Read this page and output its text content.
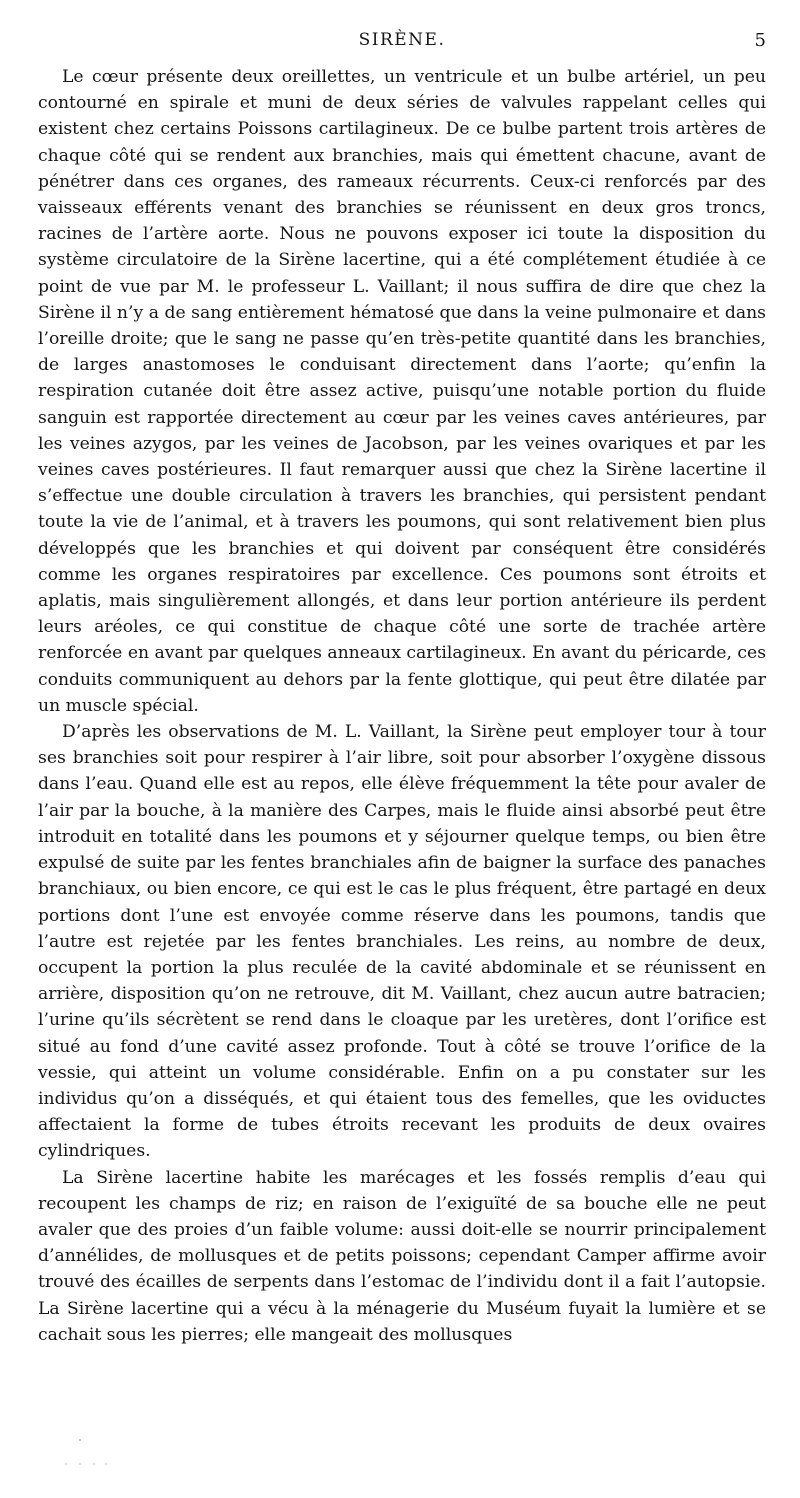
SIRÈNE.	5

Le cœur présente deux oreillettes, un ventricule et un bulbe artériel, un peu contourné en spirale et muni de deux séries de valvules rappelant celles qui existent chez certains Poissons cartilagineux. De ce bulbe partent trois artères de chaque côté qui se rendent aux branchies, mais qui émettent chacune, avant de pénétrer dans ces organes, des rameaux récurrents. Ceux-ci renforcés par des vaisseaux efférents venant des branchies se réunissent en deux gros troncs, racines de l’artère aorte. Nous ne pouvons exposer ici toute la disposition du système circulatoire de la Sirène lacertine, qui a été complétement étudiée à ce point de vue par M. le professeur L. Vaillant; il nous suffira de dire que chez la Sirène il n’y a de sang entièrement hématosé que dans la veine pulmonaire et dans l’oreille droite; que le sang ne passe qu’en très-petite quantité dans les branchies, de larges anastomoses le conduisant directement dans l’aorte; qu’enfin la respiration cutanée doit être assez active, puisqu’une notable portion du fluide sanguin est rapportée directement au cœur par les veines caves antérieures, par les veines azygos, par les veines de Jacobson, par les veines ovariques et par les veines caves postérieures. Il faut remarquer aussi que chez la Sirène lacertine il s’effectue une double circulation à travers les branchies, qui persistent pendant toute la vie de l’animal, et à travers les poumons, qui sont relativement bien plus développés que les branchies et qui doivent par conséquent être considérés comme les organes respiratoires par excellence. Ces poumons sont étroits et aplatis, mais singulièrement allongés, et dans leur portion antérieure ils perdent leurs aréoles, ce qui constitue de chaque côté une sorte de trachée artère renforcée en avant par quelques anneaux cartilagineux. En avant du péricarde, ces conduits communiquent au dehors par la fente glottique, qui peut être dilatée par un muscle spécial.

D’après les observations de M. L. Vaillant, la Sirène peut employer tour à tour ses branchies soit pour respirer à l’air libre, soit pour absorber l’oxygène dissous dans l’eau. Quand elle est au repos, elle élève fréquemment la tête pour avaler de l’air par la bouche, à la manière des Carpes, mais le fluide ainsi absorbé peut être introduit en totalité dans les poumons et y séjourner quelque temps, ou bien être expulsé de suite par les fentes branchiales afin de baigner la surface des panaches branchiaux, ou bien encore, ce qui est le cas le plus fréquent, être partagé en deux portions dont l’une est envoyée comme réserve dans les poumons, tandis que l’autre est rejetée par les fentes branchiales. Les reins, au nombre de deux, occupent la portion la plus reculée de la cavité abdominale et se réunissent en arrière, disposition qu’on ne retrouve, dit M. Vaillant, chez aucun autre batracien; l’urine qu’ils sécrètent se rend dans le cloaque par les uretères, dont l’orifice est situé au fond d’une cavité assez profonde. Tout à côté se trouve l’orifice de la vessie, qui atteint un volume considérable. Enfin on a pu constater sur les individus qu’on a disséqués, et qui étaient tous des femelles, que les oviductes affectaient la forme de tubes étroits recevant les produits de deux ovaires cylindriques.

La Sirène lacertine habite les marécages et les fossés remplis d’eau qui recoupent les champs de riz; en raison de l’exiguïté de sa bouche elle ne peut avaler que des proies d’un faible volume: aussi doit-elle se nourrir principalement d’annélides, de mollusques et de petits poissons; cependant Camper affirme avoir trouvé des écailles de serpents dans l’estomac de l’individu dont il a fait l’autopsie. La Sirène lacertine qui a vécu à la ménagerie du Muséum fuyait la lumière et se cachait sous les pierres; elle mangeait des mollusques
